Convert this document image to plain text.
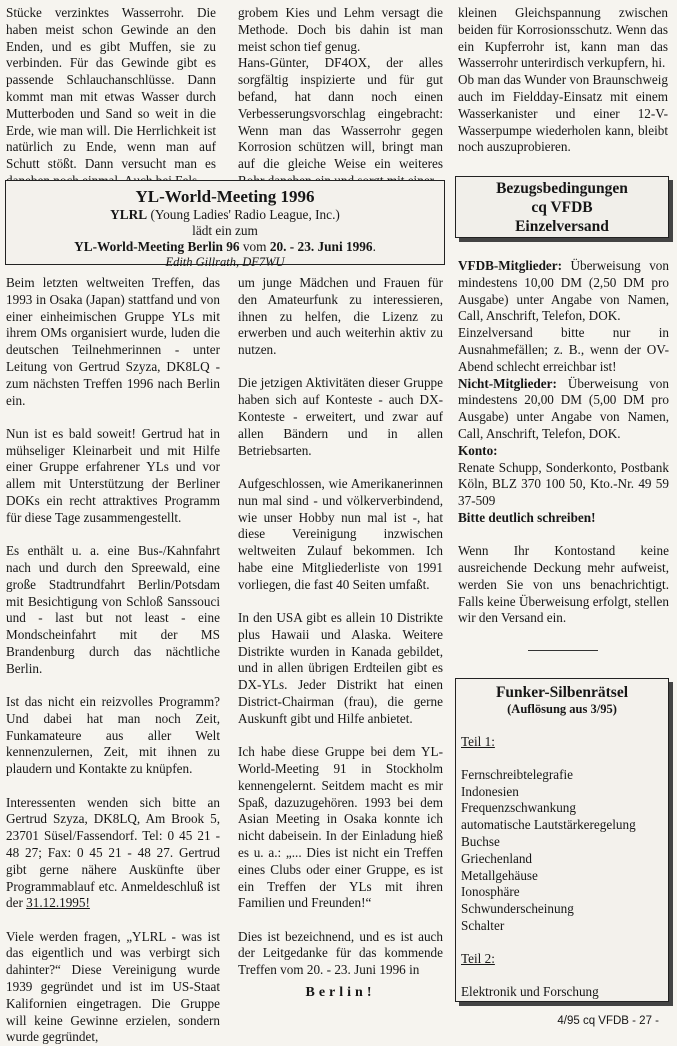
Stücke verzinktes Wasserrohr. Die haben meist schon Gewinde an den Enden, und es gibt Muffen, sie zu verbinden. Für das Gewinde gibt es passende Schlauchanschlüsse. Dann kommt man mit etwas Wasser durch Mutterboden und Sand so weit in die Erde, wie man will. Die Herrlichkeit ist natürlich zu Ende, wenn man auf Schutt stößt. Dann versucht man es

grobem Kies und Lehm versagt die Methode. Doch bis dahin ist man meist schon tief genug.

Hans-Günter, DF4OX, der alles sorgfältig inspizierte und für gut befand, hat dann noch einen Verbesserungsvorschlag eingebracht: Wenn man das Wasserrohr gegen Korrosion schützen will, bringt man auf die gleiche Weise ein weiteres

kleinen Gleichspannung zwischen beiden für Korrosionsschutz. Wenn das ein Kupferrohr ist, kann man das Wasserrohr unterirdisch verkupfern, hi.

Ob man das Wunder von Braunschweig auch im Fieldday-Einsatz mit einem Wasserkanister und einer 12-V-Wasserpumpe wiederholen kann, bleibt noch auszuprobieren.

YL-World-Meeting 1996
YLRL (Young Ladies' Radio League, Inc.)
lädt ein zum
YL-World-Meeting Berlin 96 vom 20. - 23. Juni 1996.
Edith Gillrath, DF7WU

Beim letzten weltweiten Treffen, das 1993 in Osaka (Japan) stattfand und von einer einheimischen Gruppe YLs mit ihrem OMs organisiert wurde, luden die deutschen Teilnehmerinnen - unter Leitung von Gertrud Szyza, DK8LQ - zum nächsten Treffen 1996 nach Berlin ein.

Nun ist es bald soweit! Gertrud hat in mühseliger Kleinarbeit und mit Hilfe einer Gruppe erfahrener YLs und vor allem mit Unterstützung der Berliner DOKs ein recht attraktives Programm für diese Tage zusammengestellt.

Es enthält u. a. eine Bus-/Kahnfahrt nach und durch den Spreewald, eine große Stadtrundfahrt Berlin/Potsdam mit Besichtigung von Schloß Sanssouci und - last but not least - eine Mondscheinfahrt mit der MS Brandenburg durch das nächtliche Berlin.

Ist das nicht ein reizvolles Programm? Und dabei hat man noch Zeit, Funkamateure aus aller Welt kennenzulernen, Zeit, mit ihnen zu plaudern und Kontakte zu knüpfen.

Interessenten wenden sich bitte an Gertrud Szyza, DK8LQ, Am Brook 5, 23701 Süsel/Fassendorf. Tel: 0 45 21 - 48 27; Fax: 0 45 21 - 48 27. Gertrud gibt gerne nähere Auskünfte über Programmablauf etc. Anmeldeschluß ist der 31.12.1995!

Viele werden fragen, „YLRL - was ist das eigentlich und was verbirgt sich dahinter?“ Diese Vereinigung wurde 1939 gegründet und ist im US-Staat Kalifornien eingetragen. Die Gruppe will keine Gewinne erzielen, sondern wurde gegründet,

um junge Mädchen und Frauen für den Amateurfunk zu interessieren, ihnen zu helfen, die Lizenz zu erwerben und auch weiterhin aktiv zu nutzen.

Die jetzigen Aktivitäten dieser Gruppe haben sich auf Konteste - auch DX-Konteste - erweitert, und zwar auf allen Bändern und in allen Betriebsarten.

Aufgeschlossen, wie Amerikanerinnen nun mal sind - und völkerverbindend, wie unser Hobby nun mal ist -, hat diese Vereinigung inzwischen weltweiten Zulauf bekommen. Ich habe eine Mitgliederliste von 1991 vorliegen, die fast 40 Seiten umfaßt.

In den USA gibt es allein 10 Distrikte plus Hawaii und Alaska. Weitere Distrikte wurden in Kanada gebildet, und in allen übrigen Erdteilen gibt es DX-YLs. Jeder Distrikt hat einen District-Chairman (frau), die gerne Auskunft gibt und Hilfe anbietet.

Ich habe diese Gruppe bei dem YL-World-Meeting 91 in Stockholm kennengelernt. Seitdem macht es mir Spaß, dazuzugehören. 1993 bei dem Asian Meeting in Osaka konnte ich nicht dabeisein. In der Einladung hieß es u. a.: „... Dies ist nicht ein Treffen eines Clubs oder einer Gruppe, es ist ein Treffen der YLs mit ihren Familien und Freunden!“

Dies ist bezeichnend, und es ist auch der Leitgedanke für das kommende Treffen vom 20. - 23. Juni 1996 in

Berlin!
Bezugsbedingungen
cq VFDB
Einzelversand

VFDB-Mitglieder: Überweisung von mindestens 10,00 DM (2,50 DM pro Ausgabe) unter Angabe von Namen, Call, Anschrift, Telefon, DOK.

Einzelversand bitte nur in Ausnahmefällen; z. B., wenn der OV-Abend schlecht erreichbar ist!

Nicht-Mitglieder: Überweisung von mindestens 20,00 DM (5,00 DM pro Ausgabe) unter Angabe von Namen, Call, Anschrift, Telefon, DOK.

Konto:

Renate Schupp, Sonderkonto, Postbank Köln, BLZ 370 100 50, Kto.-Nr. 49 59 37-509

Bitte deutlich schreiben!

Wenn Ihr Kontostand keine ausreichende Deckung mehr aufweist, werden Sie von uns benachrichtigt. Falls keine Überweisung erfolgt, stellen wir den Versand ein.

Funker-Silbenrätsel
(Auflösung aus 3/95)
Teil 1:
Fernschreibtelegrafie
Indonesien
Frequenzschwankung
automatische Lautstärkeregelung
Buchse
Griechenland
Metallgehäuse
Ionosphäre
Schwunderscheinung
Schalter
Teil 2:
Elektronik und Forschung
4/95 cq VFDB - 27 -
